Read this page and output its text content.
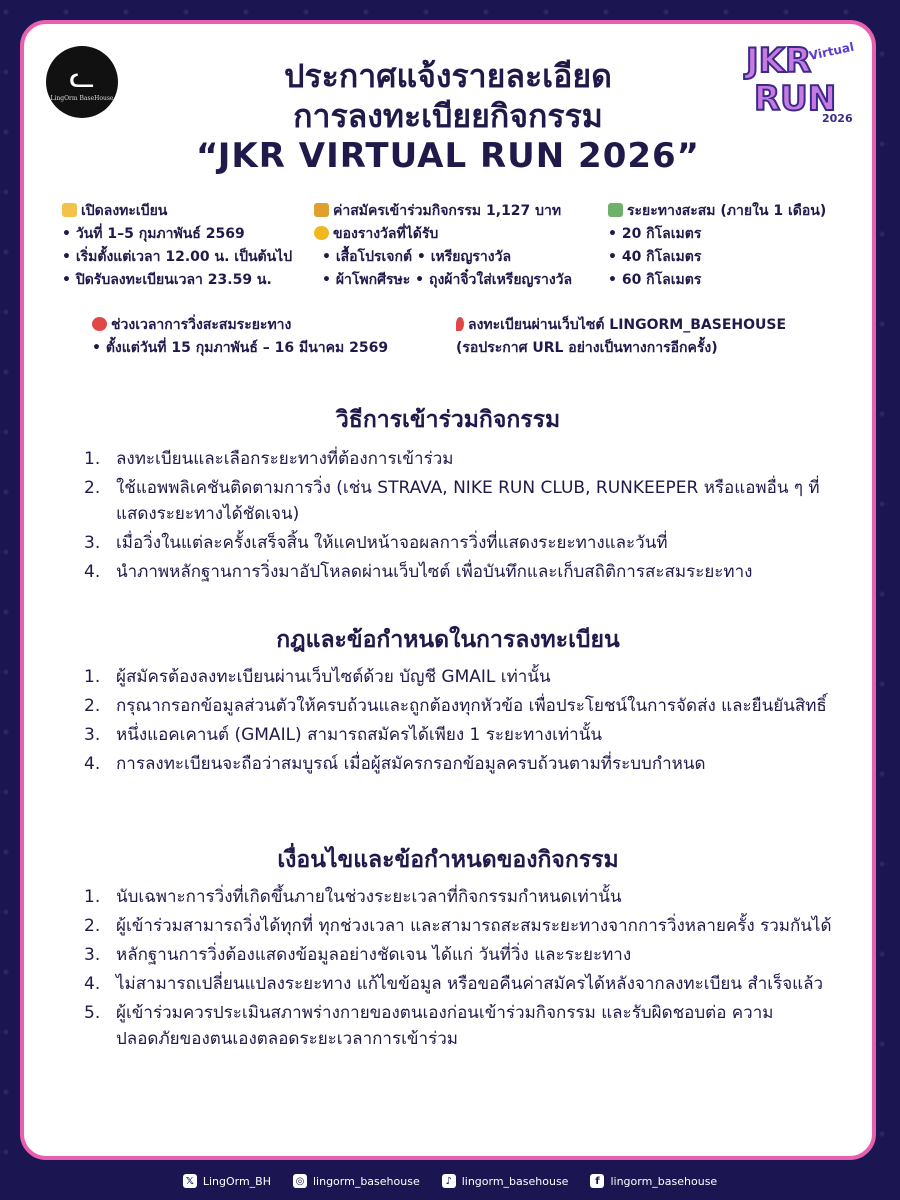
ᓚ
LingOrm BaseHouse
JKR
RUN
Virtual
2026
ประกาศแจ้งรายละเอียด
การลงทะเบียยกิจกรรม
“JKR VIRTUAL RUN 2026”
เปิดลงทะเบียน
• วันที่ 1–5 กุมภาพันธ์ 2569
• เริ่มตั้งแต่เวลา 12.00 น. เป็นต้นไป
• ปิดรับลงทะเบียนเวลา 23.59 น.
ค่าสมัครเข้าร่วมกิจกรรม 1,127 บาท
ของรางวัลที่ได้รับ
• เสื้อโปรเจกต์ • เหรียญรางวัล
• ผ้าโพกศีรษะ • ถุงผ้าจิ๋วใส่เหรียญรางวัล
ระยะทางสะสม (ภายใน 1 เดือน)
• 20 กิโลเมตร
• 40 กิโลเมตร
• 60 กิโลเมตร
ช่วงเวลาการวิ่งสะสมระยะทาง
• ตั้งแต่วันที่ 15 กุมภาพันธ์ – 16 มีนาคม 2569
ลงทะเบียนผ่านเว็บไซต์ LINGORM_BASEHOUSE
(รอประกาศ URL อย่างเป็นทางการอีกครั้ง)
วิธีการเข้าร่วมกิจกรรม
1. ลงทะเบียนและเลือกระยะทางที่ต้องการเข้าร่วม
2. ใช้แอพพลิเคชันติดตามการวิ่ง (เช่น STRAVA, NIKE RUN CLUB, RUNKEEPER หรือแอพอื่น ๆ ที่แสดงระยะทางได้ชัดเจน)
3. เมื่อวิ่งในแต่ละครั้งเสร็จสิ้น ให้แคปหน้าจอผลการวิ่งที่แสดงระยะทางและวันที่
4. นำภาพหลักฐานการวิ่งมาอัปโหลดผ่านเว็บไซต์ เพื่อบันทึกและเก็บสถิติการสะสมระยะทาง
กฎและข้อกำหนดในการลงทะเบียน
1. ผู้สมัครต้องลงทะเบียนผ่านเว็บไซต์ด้วย บัญชี GMAIL เท่านั้น
2. กรุณากรอกข้อมูลส่วนตัวให้ครบถ้วนและถูกต้องทุกหัวข้อ เพื่อประโยชน์ในการจัดส่ง และยืนยันสิทธิ์
3. หนึ่งแอคเคานต์ (GMAIL) สามารถสมัครได้เพียง 1 ระยะทางเท่านั้น
4. การลงทะเบียนจะถือว่าสมบูรณ์ เมื่อผู้สมัครกรอกข้อมูลครบถ้วนตามที่ระบบกำหนด
เงื่อนไขและข้อกำหนดของกิจกรรม
1. นับเฉพาะการวิ่งที่เกิดขึ้นภายในช่วงระยะเวลาที่กิจกรรมกำหนดเท่านั้น
2. ผู้เข้าร่วมสามารถวิ่งได้ทุกที่ ทุกช่วงเวลา และสามารถสะสมระยะทางจากการวิ่งหลายครั้ง รวมกันได้
3. หลักฐานการวิ่งต้องแสดงข้อมูลอย่างชัดเจน ได้แก่ วันที่วิ่ง และระยะทาง
4. ไม่สามารถเปลี่ยนแปลงระยะทาง แก้ไขข้อมูล หรือขอคืนค่าสมัครได้หลังจากลงทะเบียน สำเร็จแล้ว
5. ผู้เข้าร่วมควรประเมินสภาพร่างกายของตนเองก่อนเข้าร่วมกิจกรรม และรับผิดชอบต่อ ความปลอดภัยของตนเองตลอดระยะเวลาการเข้าร่วม
𝕏 LingOrm_BH ◎ lingorm_basehouse	♪ lingorm_basehouse	f lingorm_basehouse
